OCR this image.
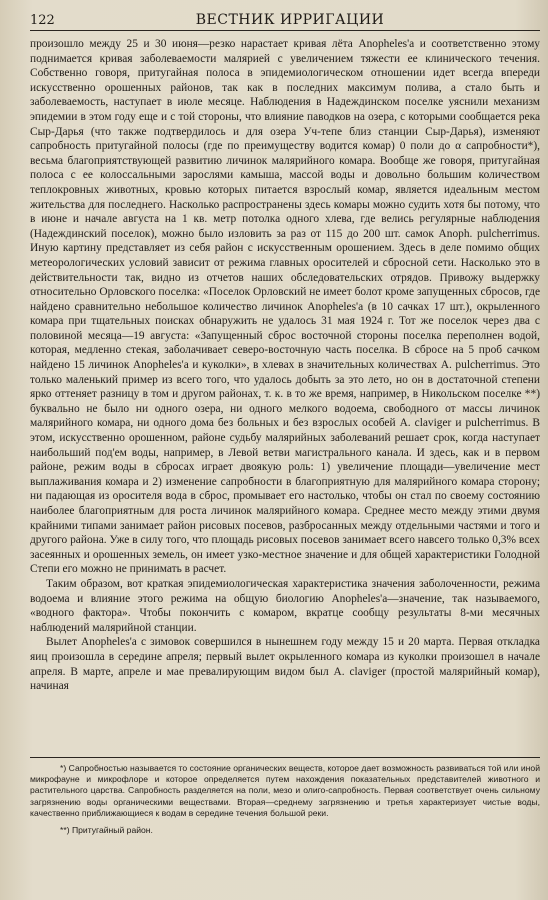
122	ВЕСТНИК ИРРИГАЦИИ

произошло между 25 и 30 июня—резко нарастает кривая лёта Anopheles'a и соответственно этому поднимается кривая заболеваемости малярией с увеличением тяжести ее клинического течения. Собственно говоря, притугайная полоса в эпидемиологическом отношении идет всегда впереди искусственно орошенных районов, так как в последних максимум полива, а стало быть и заболеваемость, наступает в июле месяце. Наблюдения в Надеждинском поселке уяснили механизм эпидемии в этом году еще и с той стороны, что влияние паводков на озера, с которыми сообщается река Сыр-Дарья (что также подтвердилось и для озера Уч-тепе близ станции Сыр-Дарья), изменяют сапробность притугайной полосы (где по преимуществу водится комар) 0 поли до α сапробности*), весьма благоприятствующей развитию личинок малярийного комара. Вообще же говоря, притугайная полоса с ее колоссальными зарослями камыша, массой воды и довольно большим количеством теплокровных животных, кровью которых питается взрослый комар, является идеальным местом жительства для последнего. Насколько распространены здесь комары можно судить хотя бы потому, что в июне и начале августа на 1 кв. метр потолка одного хлева, где велись регулярные наблюдения (Надеждинский поселок), можно было изловить за раз от 115 до 200 шт. самок Anoph. pulcherrimus. Иную картину представляет из себя район с искусственным орошением. Здесь в деле помимо общих метеорологических условий зависит от режима главных оросителей и сбросной сети. Насколько это в действительности так, видно из отчетов наших обследовательских отрядов. Привожу выдержку относительно Орловского поселка: «Поселок Орловский не имеет болот кроме запущенных сбросов, где найдено сравнительно небольшое количество личинок Anopheles'a (в 10 сачках 17 шт.), окрыленного комара при тщательных поисках обнаружить не удалось 31 мая 1924 г. Тот же поселок через два с половиной месяца—19 августа: «Запущенный сброс восточной стороны поселка переполнен водой, которая, медленно стекая, заболачивает северо-восточную часть поселка. В сбросе на 5 проб сачком найдено 15 личинок Anopheles'a и куколки», в хлевах в значительных количествах A. pulcherrimus. Это только маленький пример из всего того, что удалось добыть за это лето, но он в достаточной степени ярко оттеняет разницу в том и другом районах, т. к. в то же время, например, в Никольском поселке **) буквально не было ни одного озера, ни одного мелкого водоема, свободного от массы личинок малярийного комара, ни одного дома без больных и без взрослых особей A. claviger и pulcherrimus. В этом, искусственно орошенном, районе судьбу малярийных заболеваний решает срок, когда наступает наибольший под'ем воды, например, в Левой ветви магистрального канала. И здесь, как и в первом районе, режим воды в сбросах играет двоякую роль: 1) увеличение площади—увеличение мест выплаживания комара и 2) изменение сапробности в благоприятную для малярийного комара сторону; ни падающая из оросителя вода в сброс, промывает его настолько, чтобы он стал по своему состоянию наиболее благоприятным для роста личинок малярийного комара. Среднее место между этими двумя крайними типами занимает район рисовых посевов, разбросанных между отдельными частями и того и другого района. Уже в силу того, что площадь рисовых посевов занимает всего навсего только 0,3% всех засеянных и орошенных земель, он имеет узко-местное значение и для общей характеристики Голодной Степи его можно не принимать в расчет.

Таким образом, вот краткая эпидемиологическая характеристика значения заболоченности, режима водоема и влияние этого режима на общую биологию Anopheles'a—значение, так называемого, «водного фактора». Чтобы покончить с комаром, вкратце сообщу результаты 8-ми месячных наблюдений малярийной станции.

Вылет Anopheles'a с зимовок совершился в нынешнем году между 15 и 20 марта. Первая откладка яиц произошла в середине апреля; первый вылет окрыленного комара из куколки произошел в начале апреля. В марте, апреле и мае превалирующим видом был A. claviger (простой малярийный комар), начиная

*) Сапробностью называется то состояние органических веществ, которое дает возможность развиваться той или иной микрофауне и микрофлоре и которое определяется путем нахождения показательных представителей животного и растительного царства. Сапробность разделяется на поли, мезо и олиго-сапробность. Первая соответствует очень сильному загрязнению воды органическими веществами. Вторая—среднему загрязнению и третья характеризует чистые воды, качественно приближающиеся к водам в середине течения большой реки.

**) Притугайный район.
